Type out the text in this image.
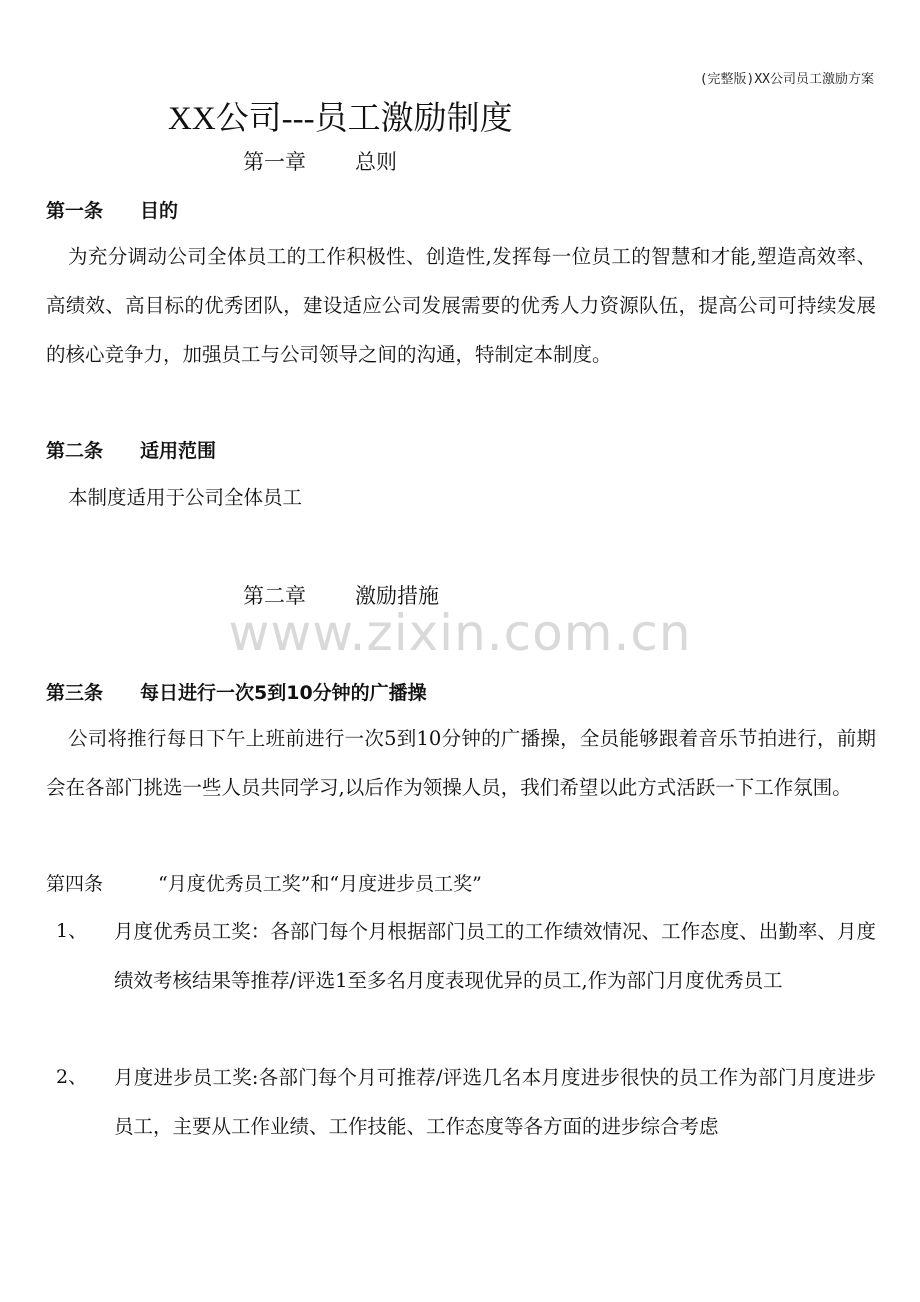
(完整版)XX公司员工激励方案
XX公司---员工激励制度
第一章 总则
第一条 目的
为充分调动公司全体员工的工作积极性、创造性,发挥每一位员工的智慧和才能,塑造高效率、高绩效、高目标的优秀团队，建设适应公司发展需要的优秀人力资源队伍，提高公司可持续发展的核心竞争力，加强员工与公司领导之间的沟通，特制定本制度。
第二条 适用范围
本制度适用于公司全体员工
第二章 激励措施
www.zixin.com.cn
第三条 每日进行一次5到10分钟的广播操
公司将推行每日下午上班前进行一次5到10分钟的广播操，全员能够跟着音乐节拍进行，前期会在各部门挑选一些人员共同学习,以后作为领操人员，我们希望以此方式活跃一下工作氛围。
第四条	“月度优秀员工奖”和“月度进步员工奖”
1、 月度优秀员工奖：各部门每个月根据部门员工的工作绩效情况、工作态度、出勤率、月度绩效考核结果等推荐/评选1至多名月度表现优异的员工,作为部门月度优秀员工
2、 月度进步员工奖:各部门每个月可推荐/评选几名本月度进步很快的员工作为部门月度进步员工，主要从工作业绩、工作技能、工作态度等各方面的进步综合考虑
